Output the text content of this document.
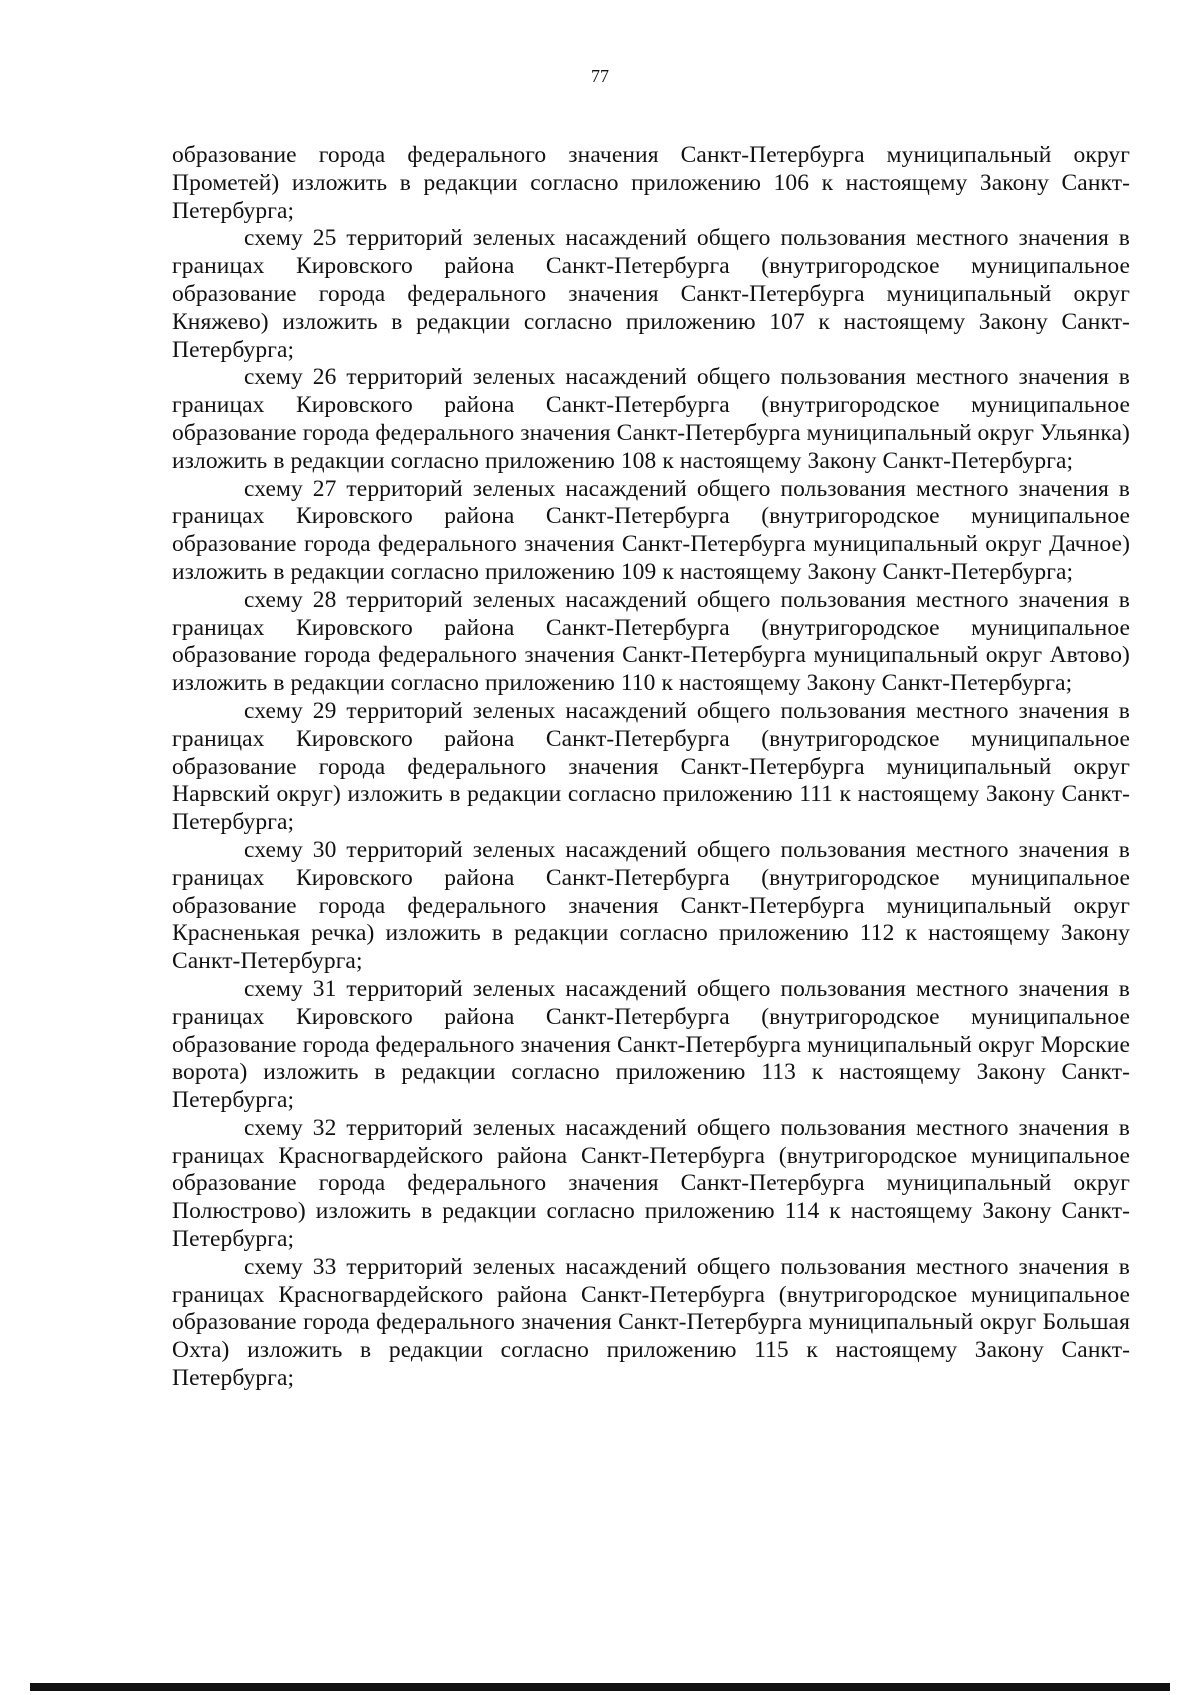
77

образование города федерального значения Санкт-Петербурга муниципальный округ Прометей) изложить в редакции согласно приложению 106 к настоящему Закону Санкт-Петербурга;

схему 25 территорий зеленых насаждений общего пользования местного значения в границах Кировского района Санкт-Петербурга (внутригородское муниципальное образование города федерального значения Санкт-Петербурга муниципальный округ Княжево) изложить в редакции согласно приложению 107 к настоящему Закону Санкт-Петербурга;

схему 26 территорий зеленых насаждений общего пользования местного значения в границах Кировского района Санкт-Петербурга (внутригородское муниципальное образование города федерального значения Санкт-Петербурга муниципальный округ Ульянка) изложить в редакции согласно приложению 108 к настоящему Закону Санкт-Петербурга;

схему 27 территорий зеленых насаждений общего пользования местного значения в границах Кировского района Санкт-Петербурга (внутригородское муниципальное образование города федерального значения Санкт-Петербурга муниципальный округ Дачное) изложить в редакции согласно приложению 109 к настоящему Закону Санкт-Петербурга;

схему 28 территорий зеленых насаждений общего пользования местного значения в границах Кировского района Санкт-Петербурга (внутригородское муниципальное образование города федерального значения Санкт-Петербурга муниципальный округ Автово) изложить в редакции согласно приложению 110 к настоящему Закону Санкт-Петербурга;

схему 29 территорий зеленых насаждений общего пользования местного значения в границах Кировского района Санкт-Петербурга (внутригородское муниципальное образование города федерального значения Санкт-Петербурга муниципальный округ Нарвский округ) изложить в редакции согласно приложению 111 к настоящему Закону Санкт-Петербурга;

схему 30 территорий зеленых насаждений общего пользования местного значения в границах Кировского района Санкт-Петербурга (внутригородское муниципальное образование города федерального значения Санкт-Петербурга муниципальный округ Красненькая речка) изложить в редакции согласно приложению 112 к настоящему Закону Санкт-Петербурга;

схему 31 территорий зеленых насаждений общего пользования местного значения в границах Кировского района Санкт-Петербурга (внутригородское муниципальное образование города федерального значения Санкт-Петербурга муниципальный округ Морские ворота) изложить в редакции согласно приложению 113 к настоящему Закону Санкт-Петербурга;

схему 32 территорий зеленых насаждений общего пользования местного значения в границах Красногвардейского района Санкт-Петербурга (внутригородское муниципальное образование города федерального значения Санкт-Петербурга муниципальный округ Полюстрово) изложить в редакции согласно приложению 114 к настоящему Закону Санкт-Петербурга;

схему 33 территорий зеленых насаждений общего пользования местного значения в границах Красногвардейского района Санкт-Петербурга (внутригородское муниципальное образование города федерального значения Санкт-Петербурга муниципальный округ Большая Охта) изложить в редакции согласно приложению 115 к настоящему Закону Санкт-Петербурга;
